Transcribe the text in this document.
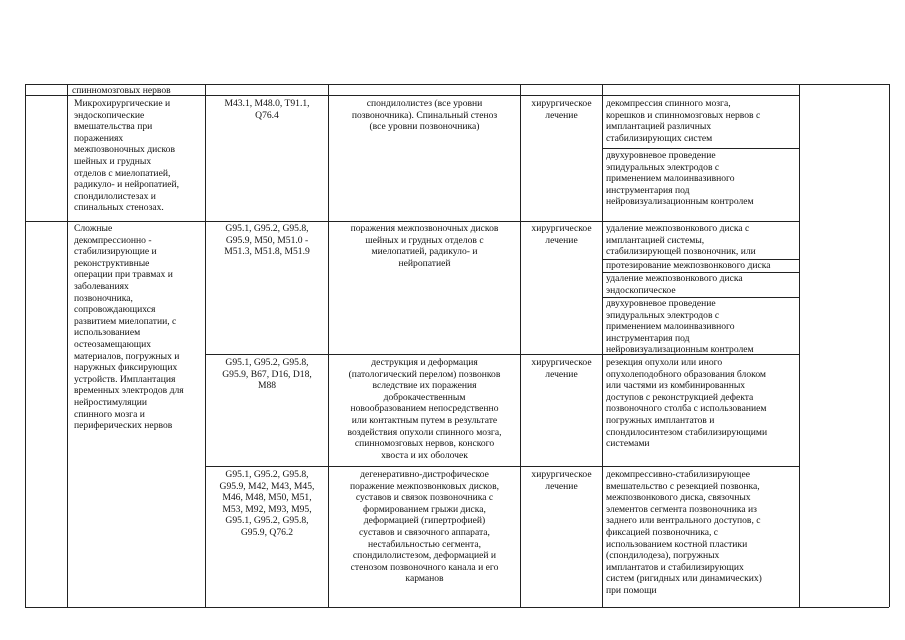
спинномозговых нервов
Микрохирургические и
эндоскопические
вмешательства при
поражениях
межпозвоночных дисков
шейных и грудных
отделов с миелопатией,
радикуло- и нейропатией,
спондилолистезах и
спинальных стенозах.
M43.1, M48.0, T91.1,
Q76.4
спондилолистез (все уровни
позвоночника). Спинальный стеноз
(все уровни позвоночника)
хирургическое
лечение
декомпрессия спинного мозга,
корешков и спинномозговых нервов с
имплантацией различных
стабилизирующих систем
двухуровневое проведение
эпидуральных электродов с
применением малоинвазивного
инструментария под
нейровизуализационным контролем
Сложные
декомпрессионно -
стабилизирующие и
реконструктивные
операции при травмах и
заболеваниях
позвоночника,
сопровождающихся
развитием миелопатии, с
использованием
остеозамещающих
материалов, погружных и
наружных фиксирующих
устройств. Имплантация
временных электродов для
нейростимуляции
спинного мозга и
периферических нервов
G95.1, G95.2, G95.8,
G95.9, M50, M51.0 -
M51.3, M51.8, M51.9
поражения межпозвоночных дисков
шейных и грудных отделов с
миелопатией, радикуло- и
нейропатией
хирургическое
лечение
удаление межпозвонкового диска с
имплантацией системы,
стабилизирующей позвоночник, или
протезирование межпозвонкового диска
удаление межпозвонкового диска
эндоскопическое
двухуровневое проведение
эпидуральных электродов с
применением малоинвазивного
инструментария под
нейровизуализационным контролем
G95.1, G95.2, G95.8,
G95.9, B67, D16, D18,
M88
деструкция и деформация
(патологический перелом) позвонков
вследствие их поражения
доброкачественным
новообразованием непосредственно
или контактным путем в результате
воздействия опухоли спинного мозга,
спинномозговых нервов, конского
хвоста и их оболочек
хирургическое
лечение
резекция опухоли или иного
опухолеподобного образования блоком
или частями из комбинированных
доступов с реконструкцией дефекта
позвоночного столба с использованием
погружных имплантатов и
спондилосинтезом стабилизирующими
системами
G95.1, G95.2, G95.8,
G95.9, M42, M43, M45,
M46, M48, M50, M51,
M53, M92, M93, M95,
G95.1, G95.2, G95.8,
G95.9, Q76.2
дегенеративно-дистрофическое
поражение межпозвонковых дисков,
суставов и связок позвоночника с
формированием грыжи диска,
деформацией (гипертрофией)
суставов и связочного аппарата,
нестабильностью сегмента,
спондилолистезом, деформацией и
стенозом позвоночного канала и его
карманов
хирургическое
лечение
декомпрессивно-стабилизирующее
вмешательство с резекцией позвонка,
межпозвонкового диска, связочных
элементов сегмента позвоночника из
заднего или вентрального доступов, с
фиксацией позвоночника, с
использованием костной пластики
(спондилодеза), погружных
имплантатов и стабилизирующих
систем (ригидных или динамических)
при помощи
